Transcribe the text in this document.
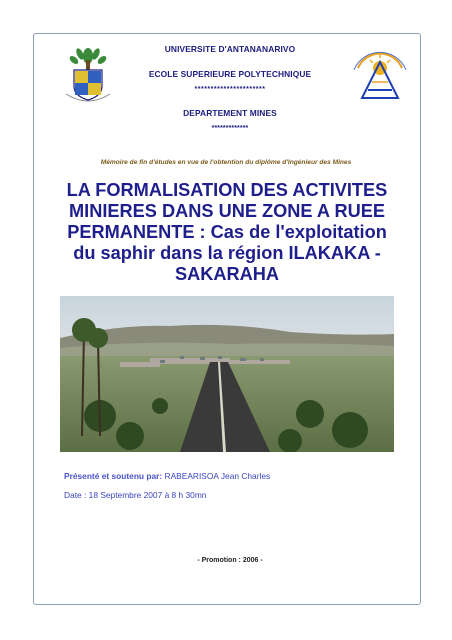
UNIVERSITE D'ANTANANARIVO
ECOLE SUPERIEURE POLYTECHNIQUE
**********************
DEPARTEMENT MINES
*************
Mémoire de fin d'études en vue de l'obtention du diplôme d'Ingénieur des Mines
LA FORMALISATION DES ACTIVITES
MINIERES DANS UNE ZONE A RUEE
PERMANENTE : Cas de l'exploitation
du saphir dans la région ILAKAKA -
SAKARAHA
Présenté et soutenu par: RABEARISOA Jean Charles
Date : 18 Septembre 2007 à 8 h 30mn
- Promotion : 2006 -
